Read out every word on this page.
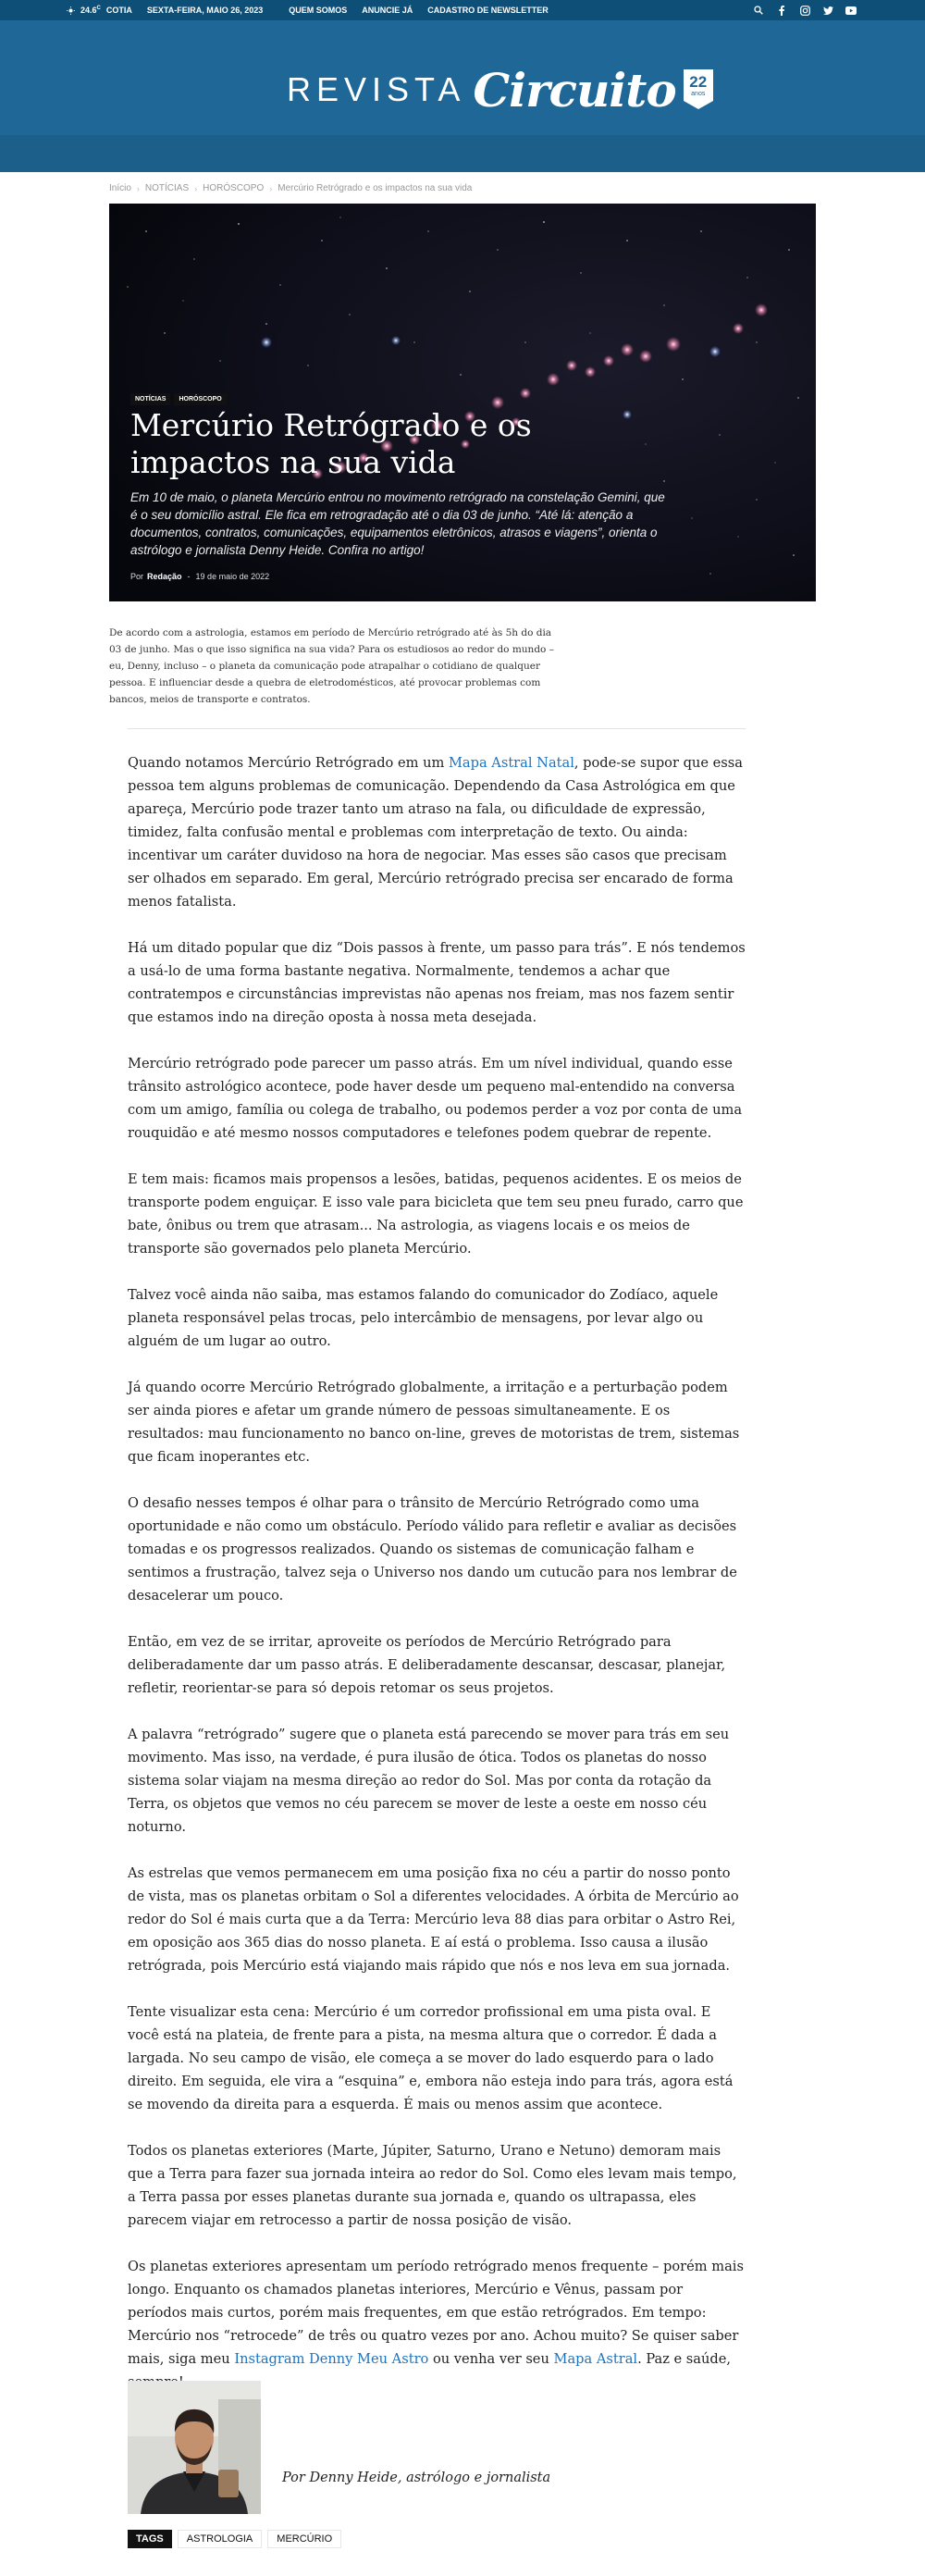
$24.6^C$ COTIA SEXTA-FEIRA, MAIO 26, 2023	QUEM SOMOS ANUNCIE JÁ CADASTRO DE NEWSLETTER
REVISTA Circuito 22
anos
Início › NOTÍCIAS › HORÓSCOPO › Mercúrio Retrógrado e os impactos na sua vida
NOTÍCIAS	HORÓSCOPO
Mercúrio Retrógrado e os impactos na sua vida

Em 10 de maio, o planeta Mercúrio entrou no movimento retrógrado na constelação Gemini, que é o seu domicílio astral. Ele fica em retrogradação até o dia 03 de junho. “Até lá: atenção a documentos, contratos, comunicações, equipamentos eletrônicos, atrasos e viagens”, orienta o astrólogo e jornalista Denny Heide. Confira no artigo!

Por Redação - 19 de maio de 2022

De acordo com a astrologia, estamos em período de Mercúrio retrógrado até às 5h do dia 03 de junho. Mas o que isso significa na sua vida? Para os estudiosos ao redor do mundo – eu, Denny, incluso – o planeta da comunicação pode atrapalhar o cotidiano de qualquer pessoa. E influenciar desde a quebra de eletrodomésticos, até provocar problemas com bancos, meios de transporte e contratos.

Quando notamos Mercúrio Retrógrado em um Mapa Astral Natal, pode-se supor que essa pessoa tem alguns problemas de comunicação. Dependendo da Casa Astrológica em que apareça, Mercúrio pode trazer tanto um atraso na fala, ou dificuldade de expressão, timidez, falta confusão mental e problemas com interpretação de texto. Ou ainda: incentivar um caráter duvidoso na hora de negociar. Mas esses são casos que precisam ser olhados em separado. Em geral, Mercúrio retrógrado precisa ser encarado de forma menos fatalista.

Há um ditado popular que diz “Dois passos à frente, um passo para trás”. E nós tendemos a usá-lo de uma forma bastante negativa. Normalmente, tendemos a achar que contratempos e circunstâncias imprevistas não apenas nos freiam, mas nos fazem sentir que estamos indo na direção oposta à nossa meta desejada.

Mercúrio retrógrado pode parecer um passo atrás. Em um nível individual, quando esse trânsito astrológico acontece, pode haver desde um pequeno mal-entendido na conversa com um amigo, família ou colega de trabalho, ou podemos perder a voz por conta de uma rouquidão e até mesmo nossos computadores e telefones podem quebrar de repente.

E tem mais: ficamos mais propensos a lesões, batidas, pequenos acidentes. E os meios de transporte podem enguiçar. E isso vale para bicicleta que tem seu pneu furado, carro que bate, ônibus ou trem que atrasam... Na astrologia, as viagens locais e os meios de transporte são governados pelo planeta Mercúrio.

Talvez você ainda não saiba, mas estamos falando do comunicador do Zodíaco, aquele planeta responsável pelas trocas, pelo intercâmbio de mensagens, por levar algo ou alguém de um lugar ao outro.

Já quando ocorre Mercúrio Retrógrado globalmente, a irritação e a perturbação podem ser ainda piores e afetar um grande número de pessoas simultaneamente. E os resultados: mau funcionamento no banco on-line, greves de motoristas de trem, sistemas que ficam inoperantes etc.

O desafio nesses tempos é olhar para o trânsito de Mercúrio Retrógrado como uma oportunidade e não como um obstáculo. Período válido para refletir e avaliar as decisões tomadas e os progressos realizados. Quando os sistemas de comunicação falham e sentimos a frustração, talvez seja o Universo nos dando um cutucão para nos lembrar de desacelerar um pouco.

Então, em vez de se irritar, aproveite os períodos de Mercúrio Retrógrado para deliberadamente dar um passo atrás. E deliberadamente descansar, descasar, planejar, refletir, reorientar-se para só depois retomar os seus projetos.

A palavra “retrógrado” sugere que o planeta está parecendo se mover para trás em seu movimento. Mas isso, na verdade, é pura ilusão de ótica. Todos os planetas do nosso sistema solar viajam na mesma direção ao redor do Sol. Mas por conta da rotação da Terra, os objetos que vemos no céu parecem se mover de leste a oeste em nosso céu noturno.

As estrelas que vemos permanecem em uma posição fixa no céu a partir do nosso ponto de vista, mas os planetas orbitam o Sol a diferentes velocidades. A órbita de Mercúrio ao redor do Sol é mais curta que a da Terra: Mercúrio leva 88 dias para orbitar o Astro Rei, em oposição aos 365 dias do nosso planeta. E aí está o problema. Isso causa a ilusão retrógrada, pois Mercúrio está viajando mais rápido que nós e nos leva em sua jornada.

Tente visualizar esta cena: Mercúrio é um corredor profissional em uma pista oval. E você está na plateia, de frente para a pista, na mesma altura que o corredor. É dada a largada. No seu campo de visão, ele começa a se mover do lado esquerdo para o lado direito. Em seguida, ele vira a “esquina” e, embora não esteja indo para trás, agora está se movendo da direita para a esquerda. É mais ou menos assim que acontece.

Todos os planetas exteriores (Marte, Júpiter, Saturno, Urano e Netuno) demoram mais que a Terra para fazer sua jornada inteira ao redor do Sol. Como eles levam mais tempo, a Terra passa por esses planetas durante sua jornada e, quando os ultrapassa, eles parecem viajar em retrocesso a partir de nossa posição de visão.

Os planetas exteriores apresentam um período retrógrado menos frequente – porém mais longo. Enquanto os chamados planetas interiores, Mercúrio e Vênus, passam por períodos mais curtos, porém mais frequentes, em que estão retrógrados. Em tempo: Mercúrio nos “retrocede” de três ou quatro vezes por ano. Achou muito? Se quiser saber mais, siga meu Instagram Denny Meu Astro ou venha ver seu Mapa Astral. Paz e saúde,

Por Denny Heide, astrólogo e jornalista

TAGS	ASTROLOGIA	MERCÚRIO
